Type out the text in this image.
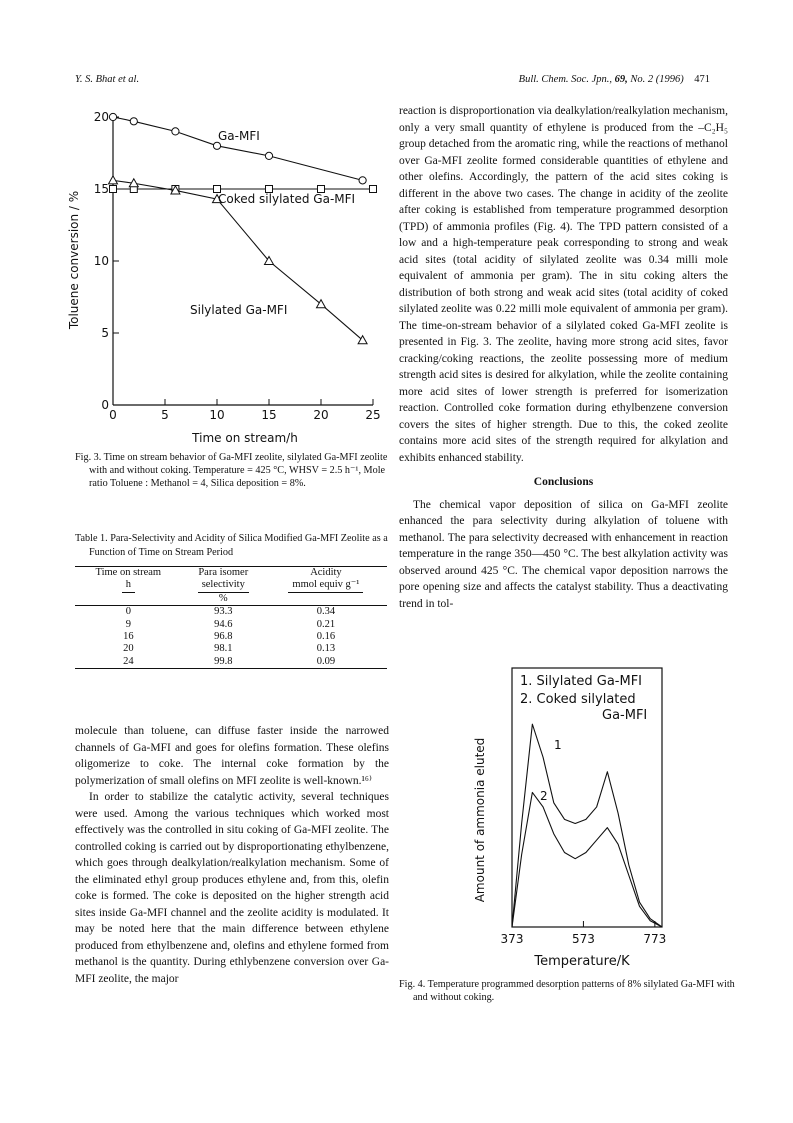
Y. S. Bhat et al.	Bull. Chem. Soc. Jpn., 69, No. 2 (1996) 471
0	5	10	15	20	25
0
5
10
15
20
Ga-MFI
Coked silylated Ga-MFI
Silylated Ga-MFI
Toluene conversion / %
Time on stream/h
Fig. 3. Time on stream behavior of Ga-MFI zeolite, silylated Ga-MFI zeolite with and without coking. Temperature = 425 °C, WHSV = 2.5 h⁻¹, Mole ratio Toluene : Methanol = 4, Silica deposition = 8%.
Table 1. Para-Selectivity and Acidity of Silica Modified Ga-MFI Zeolite as a Function of Time on Stream Period
Time on stream	Para isomer	Acidity
h	selectivity	mmol equiv g⁻¹
	%	
0	93.3	0.34
9	94.6	0.21
16	96.8	0.16
20	98.1	0.13
24	99.8	0.09

molecule than toluene, can diffuse faster inside the narrowed channels of Ga-MFI and goes for olefins formation. These olefins oligomerize to coke. The internal coke formation by the polymerization of small olefins on MFI zeolite is well-known.¹⁶⁾

In order to stabilize the catalytic activity, several techniques were used. Among the various techniques which worked most effectively was the controlled in situ coking of Ga-MFI zeolite. The controlled coking is carried out by disproportionating ethylbenzene, which goes through dealkylation/realkylation mechanism. Some of the eliminated ethyl group produces ethylene and, from this, olefin coke is formed. The coke is deposited on the higher strength acid sites inside Ga-MFI channel and the zeolite acidity is modulated. It may be noted here that the main difference between ethylene produced from ethylbenzene and, olefins and ethylene formed from methanol is the quantity. During ethlybenzene conversion over Ga-MFI zeolite, the major

reaction is disproportionation via dealkylation/realkylation mechanism, only a very small quantity of ethylene is produced from the –C₂H₅ group detached from the aromatic ring, while the reactions of methanol over Ga-MFI zeolite formed considerable quantities of ethylene and other olefins. Accordingly, the pattern of the acid sites coking is different in the above two cases. The change in acidity of the zeolite after coking is established from temperature programmed desorption (TPD) of ammonia profiles (Fig. 4). The TPD pattern consisted of a low and a high-temperature peak corresponding to strong and weak acid sites (total acidity of silylated zeolite was 0.34 milli mole equivalent of ammonia per gram). The in situ coking alters the distribution of both strong and weak acid sites (total acidity of coked silylated zeolite was 0.22 milli mole equivalent of ammonia per gram). The time-on-stream behavior of a silylated coked Ga-MFI zeolite is presented in Fig. 3. The zeolite, having more strong acid sites, favor cracking/coking reactions, the zeolite possessing more of medium strength acid sites is desired for alkylation, while the zeolite containing more acid sites of lower strength is preferred for isomerization reaction. Controlled coke formation during ethylbenzene conversion covers the sites of higher strength. Due to this, the coked zeolite contains more acid sites of the strength required for alkylation and exhibits enhanced stability.

Conclusions

The chemical vapor deposition of silica on Ga-MFI zeolite enhanced the para selectivity during alkylation of toluene with methanol. The para selectivity decreased with enhancement in reaction temperature in the range 350—450 °C. The best alkylation activity was observed around 425 °C. The chemical vapor deposition narrows the pore opening size and affects the catalyst stability. Thus a deactivating trend in tol-

373	573	773
1. Silylated Ga-MFI
2. Coked silylated
Ga-MFI
1
2
Amount of ammonia eluted
Temperature/K
Fig. 4. Temperature programmed desorption patterns of 8% silylated Ga-MFI with and without coking.
